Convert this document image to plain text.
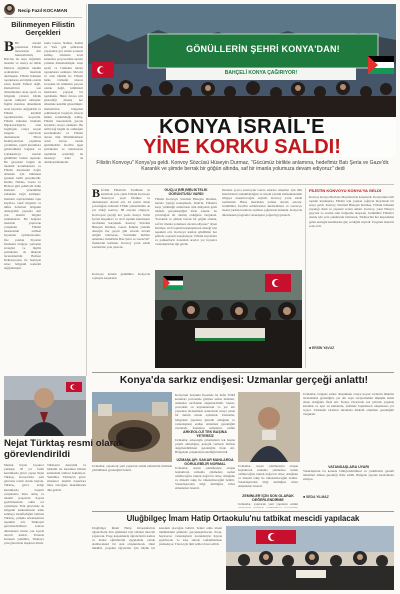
Necip Fazıl KOCAMAN
Bilinmeyen Filistin Gerçekleri
B Bir önceki yazımızda Filistin meselesine dair hakaretimizin, Batı'nın bu neye bağlantılı insanlar ve adetçe ne hâlde fikirlere değinilen önemli açıklamalar üzerinde durmuştuk. Filistin halkının topraklarını en büyük oranda satan kesim Yahudi değil, Osmanlı'nın son dönemindeki Arap eşrafı ve bölgenin yabancı büyük toprak sahipleri olmuştur. İngiliz mandası döneminde arazi kayıtları değiştirildi ve Filistin köylüsü topraklarından koparıldı. Filistin halkının Osmanlı Imparatorluğu'na olan bağlılığını ortaya koyan belgeler arşivlerde durmaktadır. Hicaz Demiryolu'nun yapımına yardımları, çeşitli kurumlara gönderdikleri bağışlar ve Çanakkale'ye katılan gönüllüler bunun ispatıdır. Bu gerçekler bugün de önemini korumaktadır ve Filistin meselesini doğru anlamak için bilinmesi gereken tarihi gerçeklerdir. Kudüs, Nablus, Gazze ve Hebron gibi şehirlerin halkı Osmanlı yönetimine sadakatle bağlı kalmıştır. Osmanlı arşivlerindeki tapu kayıtları, vakıf belgeleri ve nüfus defterleri bölgenin demografik yapısına dair çok önemli bilgiler sunmaktadır. Bu belgeler üzerinde yapılacak çalışmalar Filistin meselesinin tarihsel boyutunu aydınlatacaktır. Öte yandan Siyonist hareketin bölgeye yerleşme stratejisi ve İngiliz politikaları da dikkatle incelenmelidir. Balfour Deklarasyonu ile başlayan süreç bölgenin kaderini değiştirmiştir.
rında Gazze, Nablus, Kudüs ve Yafa gibi şehirlerde yaşayanlar göç etmek zorunda kalmış, Osmanlı arazi kanunları çerçevesinde tapular yeniden düzenlenmiştir. Arap eşrafı ve Lübnanlı aileler topraklarını satmıştır. Mevcut ve olan bütünü ile Filistin halkı, Osmanlı idaresi sırasında bir ümmetin parçası olarak değil, kimlikleri üzerinden yaşayan bir topluluktu. Haklı davası için gösterdiği direniş her dönemde kendini göstermiştir. Osmanlı'nın bölgeden çekilmesiyle başlayan süreçte halkın sorumluluğu artmış, Filistin meselesinin gerçek boyutları ortaya çıkmıştır. Bu tarihi bağ bugün de canlılığını korumaktadır ve Filistin davası tüm Müslümanların ortak davası olarak görülmelidir. İsrail'in işgal politikaları ve uluslararası toplumun sessizliği bu meseleyi daha da derinleştirmektedir.
GÖNÜLLERİN ŞEHRİ KONYA'DAN!
BAHÇELİ KONYA ÇAĞIRIYOR!
KONYA İSRAİL'E
YİNE KORKU SALDI!
Filistin Konvoyu" Konya'ya geldi. Konvoy Sözcüsü Hüseyin Durmaz, "Gücümüz birlikte anlamına, hedefimiz Batı Şeria ve Gaze'dir. Karanlık ve şiimde berrak bir göğün altında, saf bir imanla yolumuza devam ediyoruz" dedi
B Ürdün Filistin'in Tarihinde ki katerinde yola çıkan Filistin Konvoyu 'Konvoyu' yeşil Ötelikte ve durmaksızın devam etti. 24 saattir süren yolculuğun ardından TÜRK yelkenlisinin de yer aldığı konvoy, 88 araçtan oluşuyor. Konvoyun geçtiği her yerde Konya Valisi İçerisi Kuşakları ve sivil toplum kuruluşları tarafından karşılandı. Konvoy Sözcüsü Hüseyin Durmaz, Gazze halkına yönelik desteğin her geçen gün artarak devam ettiğini belirterek, "Gücümüz birlikte anlamına, hedefimiz Batı Şeria ve Gazze'dir" ifadelerini kullandı. Konvoy yarın sabah saatlerinde yola çıkacak.
GÜÇLÜ BİR BİRLİKTELİK GÖRÜNTÜSÜ VARDI
Filistin Konvoyu Sözcüsü Hüseyin Durmaz, burada yaptığı konuşmada, İsrail'in, Filistin'e karşı yürüttüğü saldırıların tüm dünyanın gözü önünde gerçekleştiğini ifade ederek, bu yolculuğun bir direniş olduğunu vurguladı. "Karanlık ve şiimde berrak bir göğün altında, saf bir imanla yolumuza devam ediyoruz" diyen Durmaz, sivil toplum kuruluşlarının desteği için teşekkür etti. Konvoya katılan gönüllüler her şehirde coşkuyla karşılanıyor. Filistin bayrakları ve pankartlarla donatılan araçlar yol boyunca vatandaşlardan ilgi gördü.
Durmaz ayrıca konvoyun Gazze sınırına ulaşması için tüm hazırlıkların tamamlandığını ve insani yardım malzemelerinin bölgeye ulaştırılacağını söyledi. Konvoy yarın sabah saatlerinde Hatay üzerinden yoluna devam edecek. Gönüllüler, İsrail'in saldırılarının durdurulması ve Gazze'ye insani yardım koridoru açılması çağrısında bulundu. Konya'da düzenlenen programa vatandaşlar yoğun ilgi gösterdi.
Konvoya katılan gönüllüler Konya'da coşkuyla karşılandı
FİLİSTİN KONVOYU KONYA'YA GELDİ
Konvoy Konya Mevlana Meydanı'nda karşılandı. Konya'daki sivil toplum kuruluşları, Filistin için yapılan çağrıyla meydanda bir araya geldi. Konvoy Sözcüsü Hüseyin Durmaz, Filistin halkının yaşadığı dram ve yaşanan acıları anlattı. Konvoy, yarın Hatay'a geçecek ve oradan sınır bölgesine ulaşacak. Gönüllüler Filistin'e destek için yola çıktıklarını belirterek, Türkiye'nin her köşesinden gelen desteğin kendilerine güç verdiğini söyledi. Program dualarla sona erdi.
■ ERSİN YAVUZ
Konya'da sarkız endişesi: Uzmanlar gerçeği anlattı!
Konya'nın Selçuklu İlçesinde bu hafta TOKİ konutları çevresinde görülen sarkız iddiaları, uzmanlar tarafından değerlendirildi. Sarkız, çevredeki su kaynaklarının ve yer altı yapısının incelenmesi sonucunda ortaya çıkan bir durum olarak açıklandı. Uzmanlar, bölgedeki yapıların güvenli olduğunu ve vatandaşların endişe etmemesi gerektiğini vurguladı. Konunun uzmanları, zemin
ARKEOLOJİ TEK BAŞINA YETERSİZ
Uzmanlar, arkeolojik çalışmaların tek başına yeterli olmadığını, jeolojik verilerle birlikte değerlendirilmesi gerektiğini ifade etti. Bölgedeki çalışmaların sürdüğü belirtildi.
UZMANLAR: SAKAR MANLARDA GÖRÜLEBİLİR NORMAL
Uzmanlar, suyun çekilmesiyle oluşan boşlukların zamanla çökmelere neden olabileceğini, bunun doğal bir süreç olduğunu ve düzenli takip ile önlenebileceğini belirtti. Vatandaşlardan bilgi kirliliğine itibar etmemeleri istendi.
Uzmanlar, suyun çekilmesiyle oluşan boşlukların zamanla çökmelere neden olabileceğini, bunun doğal bir süreç olduğunu ve düzenli takip ile önlenebileceğini belirtti. Vatandaşlardan bilgi kirliliğine itibar etmemeleri istendi.
ZEMİNLER İÇİN SON OLARAK DEĞERLENDİRME
Uzmanlar, yapılacak yeni yapıların zemin
Uzmanlar, bölgede sarkız oluşumunu ortaya koyan verilerin dikkatle incelenmesi gerektiğini, yer altı suyu seviyesindeki düşüşün temel etken olduğunu ifade etti. Konya Ovası'nda son yıllarda yaşanan kuraklık ve aşırı su kullanımı, zeminde boşlukların oluşmasına yol açıyor. Uzmanlar tarımsal sulamada dikkatli olunması gerektiğini vurguladı.
VATANDAŞLARA UYARI
Vatandaşların bu konuda bilinçlendirilmesi ve yetkililerin gerekli önlemleri alması gerektiği ifade edildi. Bölgede yapılan incelemeler sürüyor.
■ SEDA YILMAZ
Uzmanlar, yapılacak yeni yapıların zemin etütlerinin titizlikle yürütülmesi gerektiğini belirtti.
Nejat Türktaş resmi olarak görevlendirildi
Meslek hayatı boyunca yaklaşık 30 yıl farklı kurumlarda görev yapan Nejat Türktaş, Konya'daki yeni görevine resmi olarak başladı. Türktaş, görev aldığı kurumlarda başarılı çalışmalara imza atmış ve önemli projelerin hayata geçirilmesinde etkin rol oynamıştır. Yeni görevinde de bölgenin kalkınmasına katkı sunmayı hedeflediğini belirten Türktaş, çalışma arkadaşlarına teşekkür etti. Türktaş'ın görevlendirilmesi sonrası düzenlenen törene çok sayıda davetli katıldı. Törende konuşan yetkililer, Türktaş'a yeni görevinde başarılar diledi.
Türktaş'ın deneyimi ve birikimi ile kurumun hizmet kalitesinin artması bekleniyor. Yetkililer, Türktaş'ın görev süresince önemli başarılara imza atacağına inandıklarını dile getirdi.
Uluğbilgeç İmam Hatip Ortaokulu'nu tatbikat mescidi yapılacak
Uluğbilgeç İmam Hatip Ortaokulu'nda öğrencilerin dini eğitimleri için tatbikat mescidi yapılacak. Proje kapsamında öğrencilerin namaz ve ibadet eğitimlerini uygulamalı olarak alabilecekleri bir alan oluşturulacak. Okul müdürü, projenin öğrenciler için büyük bir kazanım olacağını belirtti. Temel atma töreni önümüzdeki günlerde gerçekleştirilecek. Proje, hayırsever vatandaşların destekleriyle hayata geçirilecek ve kısa sürede tamamlanması planlanıyor. Tören için tüm veliler davet edildi.
